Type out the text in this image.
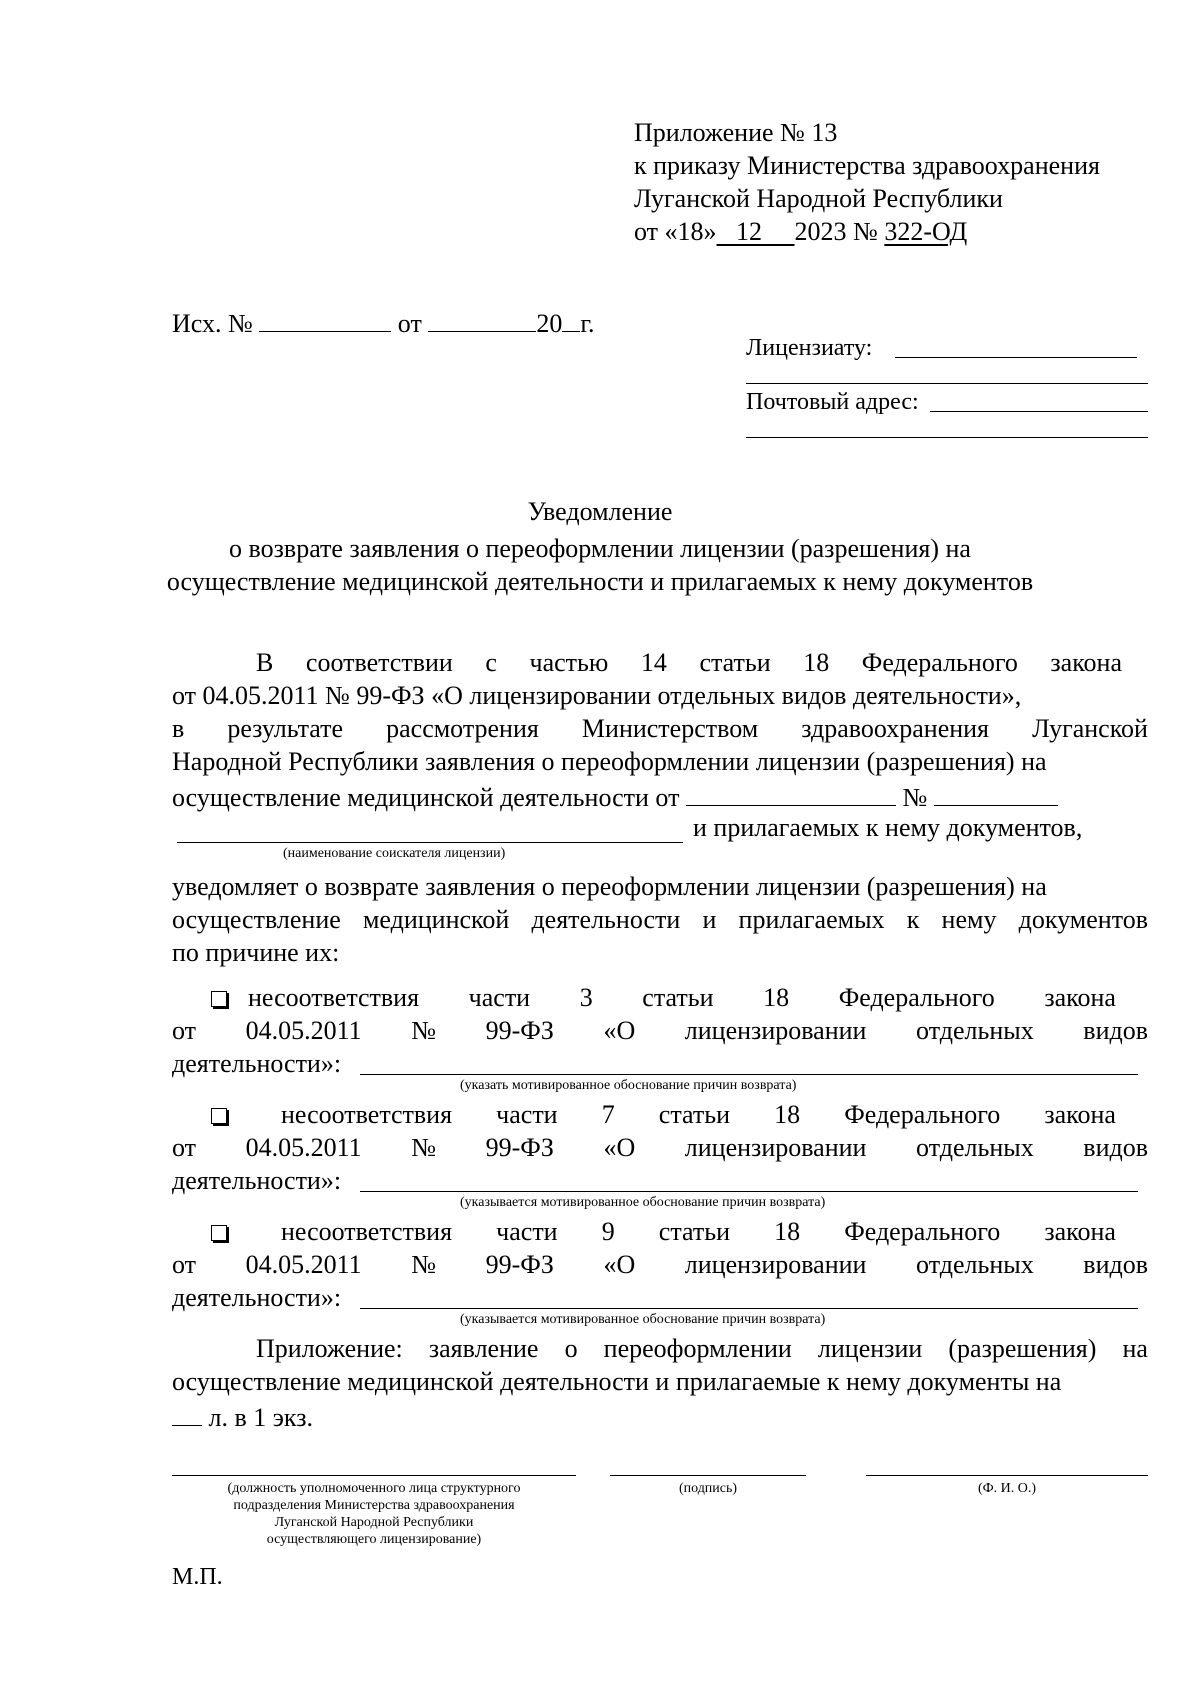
Приложение № 13
к приказу Министерства здравоохранения
Луганской Народной Республики
от «18» 12 2023 № 322-ОД
Исх. №	от	20 г.
Лицензиату:
Почтовый адрес:
Уведомление
о возврате заявления о переоформлении лицензии (разрешения) на
осуществление медицинской деятельности и прилагаемых к нему документов
В соответствии с частью 14 статьи 18 Федерального закона
от 04.05.2011 № 99-ФЗ «О лицензировании отдельных видов деятельности»,
в результате рассмотрения Министерством здравоохранения Луганской
Народной Республики заявления о переоформлении лицензии (разрешения) на
осуществление медицинской деятельности от	№
и прилагаемых к нему документов,
(наименование соискателя лицензии)
уведомляет о возврате заявления о переоформлении лицензии (разрешения) на
осуществление медицинской деятельности и прилагаемых к нему документов
по причине их:
несоответствия части 3 статьи 18 Федерального закона
от 04.05.2011 № 99-ФЗ «О лицензировании отдельных видов
деятельности»:
(указать мотивированное обоснование причин возврата)
несоответствия части 7 статьи 18 Федерального закона
от 04.05.2011 № 99-ФЗ «О лицензировании отдельных видов
деятельности»:
(указывается мотивированное обоснование причин возврата)
несоответствия части 9 статьи 18 Федерального закона
от 04.05.2011 № 99-ФЗ «О лицензировании отдельных видов
деятельности»:
(указывается мотивированное обоснование причин возврата)
Приложение: заявление о переоформлении лицензии (разрешения) на
осуществление медицинской деятельности и прилагаемые к нему документы на
л. в 1 экз.
(должность уполномоченного лица структурного
подразделения Министерства здравоохранения
Луганской Народной Республики
осуществляющего лицензирование)
(подпись)	(Ф. И. О.)
М.П.
